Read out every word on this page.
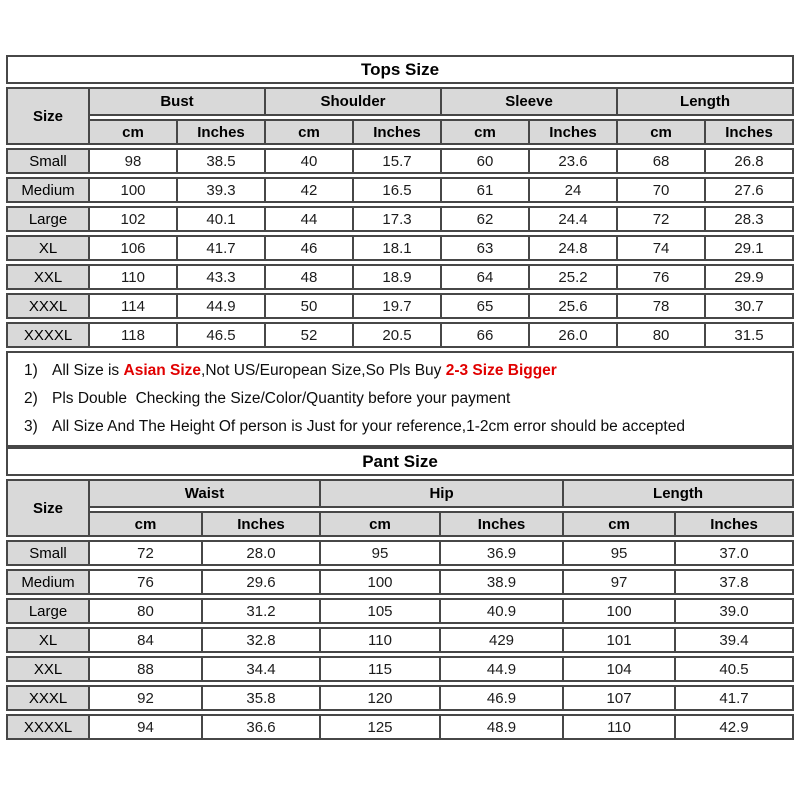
Tops Size
Size	Bust		Shoulder		Sleeve		Length	
	cm	Inches	cm	Inches	cm	Inches	cm	Inches
Small	98	38.5	40	15.7	60	23.6	68	26.8
Medium	100	39.3	42	16.5	61	24	70	27.6
Large	102	40.1	44	17.3	62	24.4	72	28.3
XL	106	41.7	46	18.1	63	24.8	74	29.1
XXL	110	43.3	48	18.9	64	25.2	76	29.9
XXXL	114	44.9	50	19.7	65	25.6	78	30.7
XXXXL	118	46.5	52	20.5	66	26.0	80	31.5
1) All Size is Asian Size,Not US/European Size,So Pls Buy 2-3 Size Bigger
2) Pls Double  Checking the Size/Color/Quantity before your payment
3) All Size And The Height Of person is Just for your reference,1-2cm error should be accepted
Pant Size
Size	Waist		Hip		Length	
	cm	Inches	cm	Inches	cm	Inches
Small	72	28.0	95	36.9	95	37.0
Medium	76	29.6	100	38.9	97	37.8
Large	80	31.2	105	40.9	100	39.0
XL	84	32.8	110	429	101	39.4
XXL	88	34.4	115	44.9	104	40.5
XXXL	92	35.8	120	46.9	107	41.7
XXXXL	94	36.6	125	48.9	110	42.9
